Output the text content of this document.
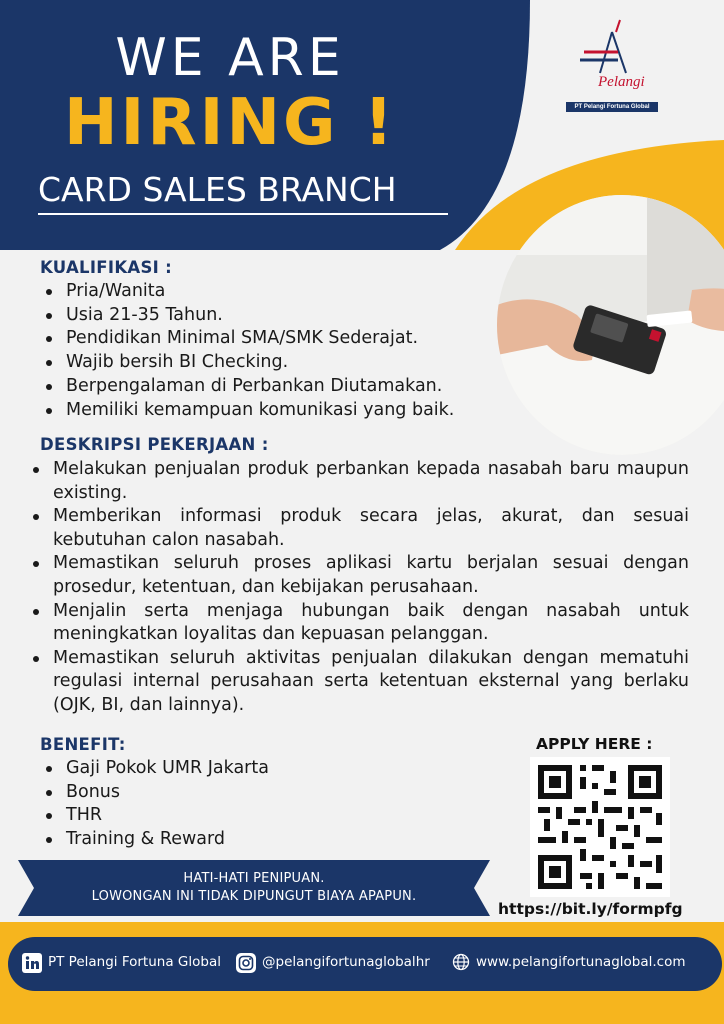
WE ARE
HIRING !
CARD SALES BRANCH
Pelangi
PT Pelangi Fortuna Global
KUALIFIKASI :
Pria/Wanita
Usia 21-35 Tahun.
Pendidikan Minimal SMA/SMK Sederajat.
Wajib bersih BI Checking.
Berpengalaman di Perbankan Diutamakan.
Memiliki kemampuan komunikasi yang baik.
DESKRIPSI PEKERJAAN :
Melakukan penjualan produk perbankan kepada nasabah baru maupun existing.
Memberikan informasi produk secara jelas, akurat, dan sesuai kebutuhan calon nasabah.
Memastikan seluruh proses aplikasi kartu berjalan sesuai dengan prosedur, ketentuan, dan kebijakan perusahaan.
Menjalin serta menjaga hubungan baik dengan nasabah untuk meningkatkan loyalitas dan kepuasan pelanggan.
Memastikan seluruh aktivitas penjualan dilakukan dengan mematuhi regulasi internal perusahaan serta ketentuan eksternal yang berlaku (OJK, BI, dan lainnya).
BENEFIT:
Gaji Pokok UMR Jakarta
Bonus
THR
Training & Reward
APPLY HERE :
https://bit.ly/formpfg
HATI-HATI PENIPUAN.
LOWONGAN INI TIDAK DIPUNGUT BIAYA APAPUN.
PT Pelangi Fortuna Global	@pelangifortunaglobalhr	www.pelangifortunaglobal.com
